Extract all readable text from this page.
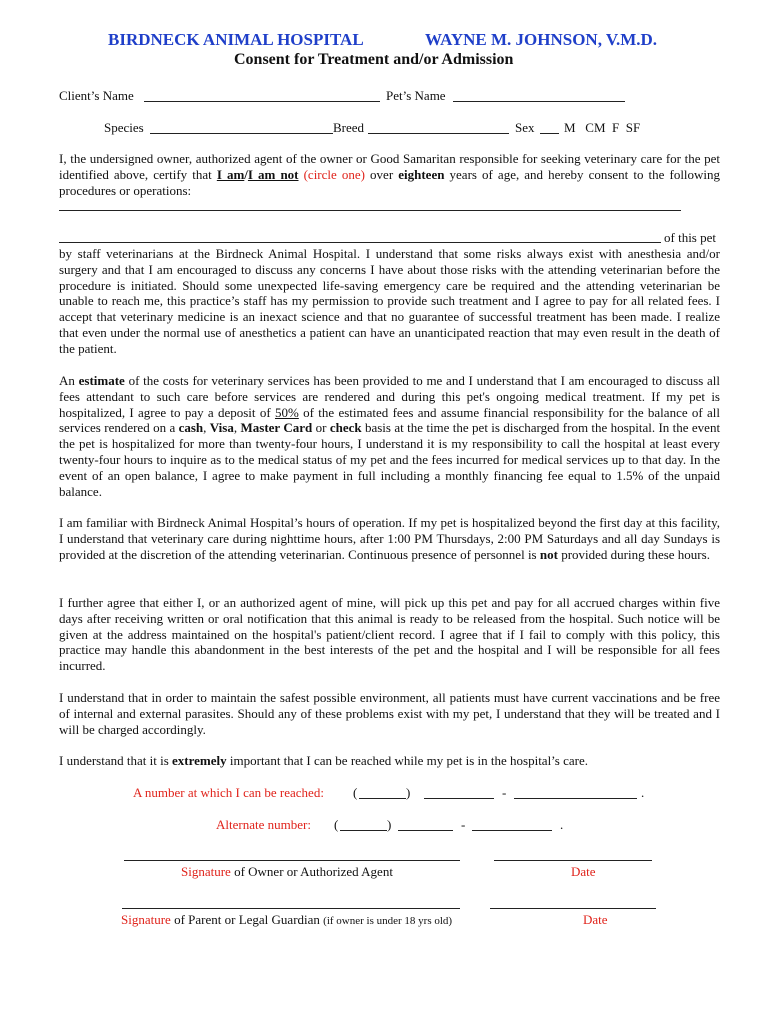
BIRDNECK ANIMAL HOSPITAL	WAYNE M. JOHNSON, V.M.D.
Consent for Treatment and/or Admission
Client’s Name	Pet’s Name
Species	Breed	Sex M   CM  F  SF
I, the undersigned owner, authorized agent of the owner or Good Samaritan responsible for seeking veterinary care for the pet identified above, certify that I am/I am not (circle one) over eighteen years of age, and hereby consent to the following procedures or operations:
of this pet
by staff veterinarians at the Birdneck Animal Hospital. I understand that some risks always exist with anesthesia and/or surgery and that I am encouraged to discuss any concerns I have about those risks with the attending veterinarian before the procedure is initiated. Should some unexpected life-saving emergency care be required and the attending veterinarian be unable to reach me, this practice’s staff has my permission to provide such treatment and I agree to pay for all related fees. I accept that veterinary medicine is an inexact science and that no guarantee of successful treatment has been made. I realize that even under the normal use of anesthetics a patient can have an unanticipated reaction that may even result in the death of the patient.
An estimate of the costs for veterinary services has been provided to me and I understand that I am encouraged to discuss all fees attendant to such care before services are rendered and during this pet's ongoing medical treatment. If my pet is hospitalized, I agree to pay a deposit of 50% of the estimated fees and assume financial responsibility for the balance of all services rendered on a cash, Visa, Master Card or check basis at the time the pet is discharged from the hospital. In the event the pet is hospitalized for more than twenty-four hours, I understand it is my responsibility to call the hospital at least every twenty-four hours to inquire as to the medical status of my pet and the fees incurred for medical services up to that day. In the event of an open balance, I agree to make payment in full including a monthly financing fee equal to 1.5% of the unpaid balance.
I am familiar with Birdneck Animal Hospital’s hours of operation. If my pet is hospitalized beyond the first day at this facility, I understand that veterinary care during nighttime hours, after 1:00 PM Thursdays, 2:00 PM Saturdays and all day Sundays is provided at the discretion of the attending veterinarian. Continuous presence of personnel is not provided during these hours.
I further agree that either I, or an authorized agent of mine, will pick up this pet and pay for all accrued charges within five days after receiving written or oral notification that this animal is ready to be released from the hospital. Such notice will be given at the address maintained on the hospital's patient/client record. I agree that if I fail to comply with this policy, this practice may handle this abandonment in the best interests of the pet and the hospital and I will be responsible for all fees incurred.
I understand that in order to maintain the safest possible environment, all patients must have current vaccinations and be free of internal and external parasites. Should any of these problems exist with my pet, I understand that they will be treated and I will be charged accordingly.
I understand that it is extremely important that I can be reached while my pet is in the hospital’s care.
A number at which I can be reached: (	)	-	.
Alternate number: (	)	-	.
Signature of Owner or Authorized Agent	Date
Signature of Parent or Legal Guardian (if owner is under 18 yrs old)	Date
